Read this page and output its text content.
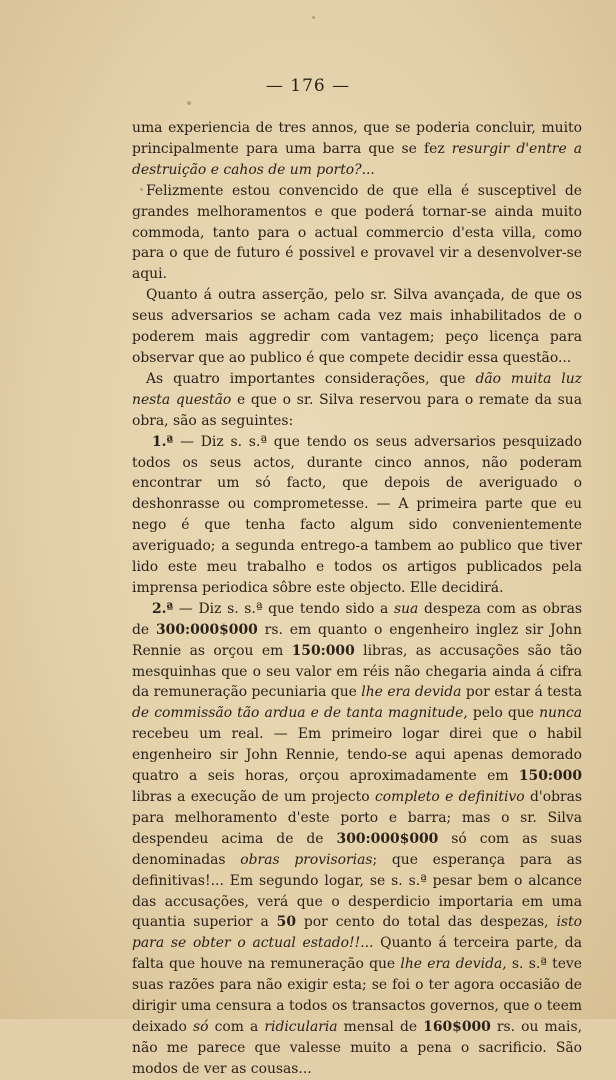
— 176 —

uma experiencia de tres annos, que se poderia concluir, muito principalmente para uma barra que se fez resurgir d'entre a destruição e cahos de um porto?...

Felizmente estou convencido de que ella é susceptivel de grandes melhoramentos e que poderá tornar-se ainda muito commoda, tanto para o actual commercio d'esta villa, como para o que de futuro é possivel e provavel vir a desenvolver-se aqui.

Quanto á outra asserção, pelo sr. Silva avançada, de que os seus adversarios se acham cada vez mais inhabilitados de o poderem mais aggredir com vantagem; peço licença para observar que ao publico é que compete decidir essa questão...

As quatro importantes considerações, que dão muita luz nesta questão e que o sr. Silva reservou para o remate da sua obra, são as seguintes:

1.ª — Diz s. s.ª que tendo os seus adversarios pesquizado todos os seus actos, durante cinco annos, não poderam encontrar um só facto, que depois de averiguado o deshonrasse ou comprometesse. — A primeira parte que eu nego é que tenha facto algum sido convenientemente averiguado; a segunda entrego-a tambem ao publico que tiver lido este meu trabalho e todos os artigos publicados pela imprensa periodica sôbre este objecto. Elle decidirá.

2.ª — Diz s. s.ª que tendo sido a sua despeza com as obras de 300:000$000 rs. em quanto o engenheiro inglez sir John Rennie as orçou em 150:000 libras, as accusações são tão mesquinhas que o seu valor em réis não chegaria ainda á cifra da remuneração pecuniaria que lhe era devida por estar á testa de commissão tão ardua e de tanta magnitude, pelo que nunca recebeu um real. — Em primeiro logar direi que o habil engenheiro sir John Rennie, tendo-se aqui apenas demorado quatro a seis horas, orçou aproximadamente em 150:000 libras a execução de um projecto completo e definitivo d'obras para melhoramento d'este porto e barra; mas o sr. Silva despendeu acima de de 300:000$000 só com as suas denominadas obras provisorias; que esperança para as definitivas!... Em segundo logar, se s. s.ª pesar bem o alcance das accusações, verá que o desperdicio importaria em uma quantia superior a 50 por cento do total das despezas, isto para se obter o actual estado!!... Quanto á terceira parte, da falta que houve na remuneração que lhe era devida, s. s.ª teve suas razões para não exigir esta; se foi o ter agora occasião de dirigir uma censura a todos os transactos governos, que o teem deixado só com a ridicularia mensal de 160$000 rs. ou mais, não me parece que valesse muito a pena o sacrificio. São modos de ver as cousas...
